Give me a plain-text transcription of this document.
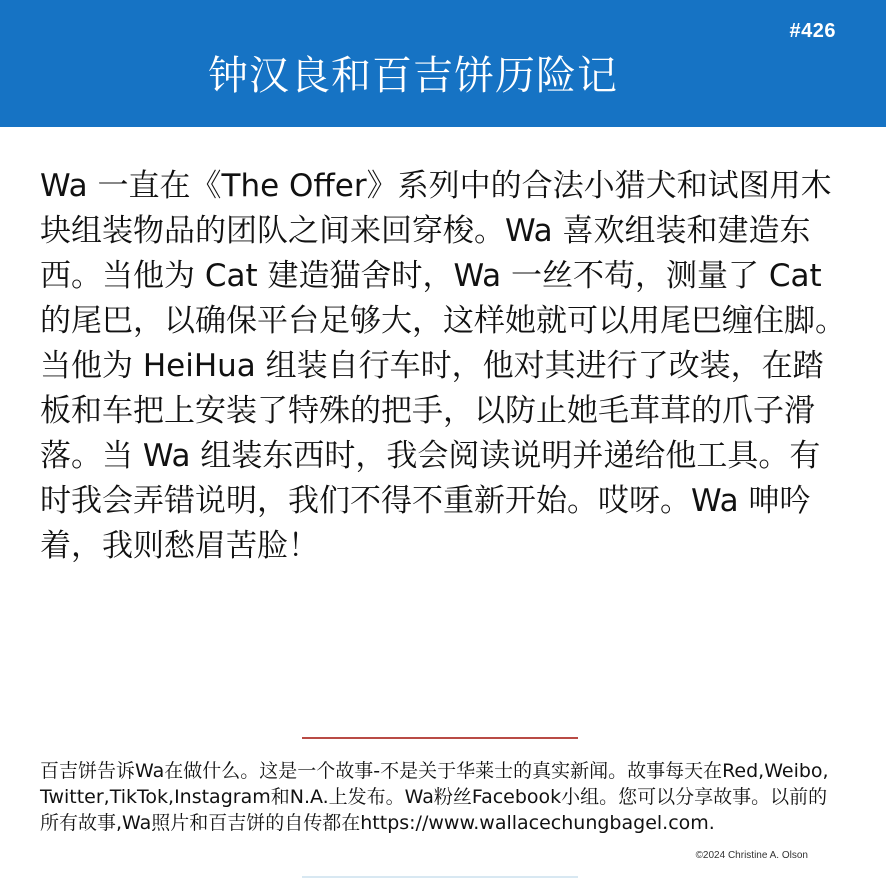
#426
钟汉良和百吉饼历险记

Wa 一直在《The Offer》系列中的合法小猎犬和试图用木块组装物品的团队之间来回穿梭。Wa 喜欢组装和建造东西。当他为 Cat 建造猫舍时，Wa 一丝不苟，测量了 Cat 的尾巴，以确保平台足够大，这样她就可以用尾巴缠住脚。当他为 HeiHua 组装自行车时，他对其进行了改装，在踏板和车把上安装了特殊的把手，以防止她毛茸茸的爪子滑落。当 Wa 组装东西时，我会阅读说明并递给他工具。有时我会弄错说明，我们不得不重新开始。哎呀。Wa 呻吟着，我则愁眉苦脸！

百吉饼告诉Wa在做什么。这是一个故事-不是关于华莱士的真实新闻。故事每天在Red,Weibo,Twitter,TikTok,Instagram和N.A.上发布。Wa粉丝Facebook小组。您可以分享故事。以前的所有故事,Wa照片和百吉饼的自传都在https://www.wallacechungbagel.com.

©2024 Christine A. Olson
